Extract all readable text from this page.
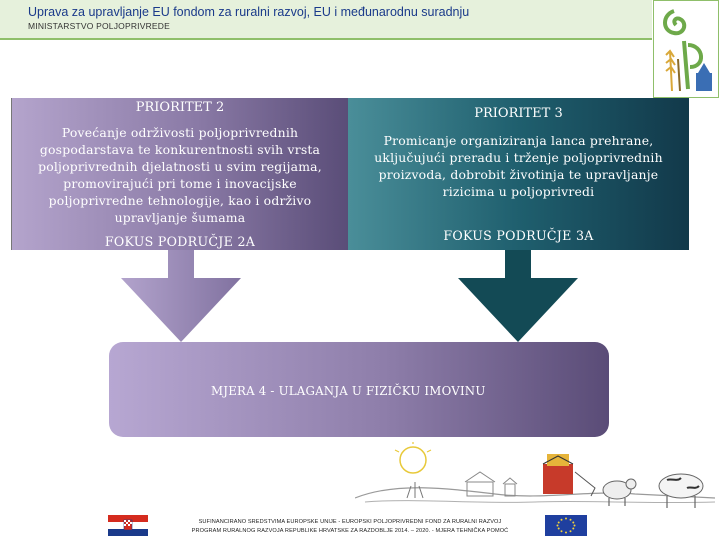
Uprava za upravljanje EU fondom za ruralni razvoj, EU i međunarodnu suradnju
MINISTARSTVO POLJOPRIVREDE
PRIORITET 2
Povećanje održivosti poljoprivrednih
gospodarstava te konkurentnosti svih vrsta
poljoprivrednih djelatnosti u svim regijama,
promovirajući pri tome i inovacijske
poljoprivredne tehnologije, kao i održivo
upravljanje šumama
FOKUS PODRUČJE 2A
PRIORITET 3
Promicanje organiziranja lanca prehrane,
uključujući preradu i trženje poljoprivrednih
proizvoda, dobrobit životinja te upravljanje
rizicima u poljoprivredi
FOKUS PODRUČJE 3A
MJERA 4 - ULAGANJA U FIZIČKU IMOVINU
SUFINANCIRANO SREDSTVIMA EUROPSKE UNIJE - EUROPSKI POLJOPRIVREDNI FOND ZA RURALNI RAZVOJ
PROGRAM RURALNOG RAZVOJA REPUBLIKE HRVATSKE ZA RAZDOBLJE 2014. – 2020. - MJERA TEHNIČKA POMOĆ
